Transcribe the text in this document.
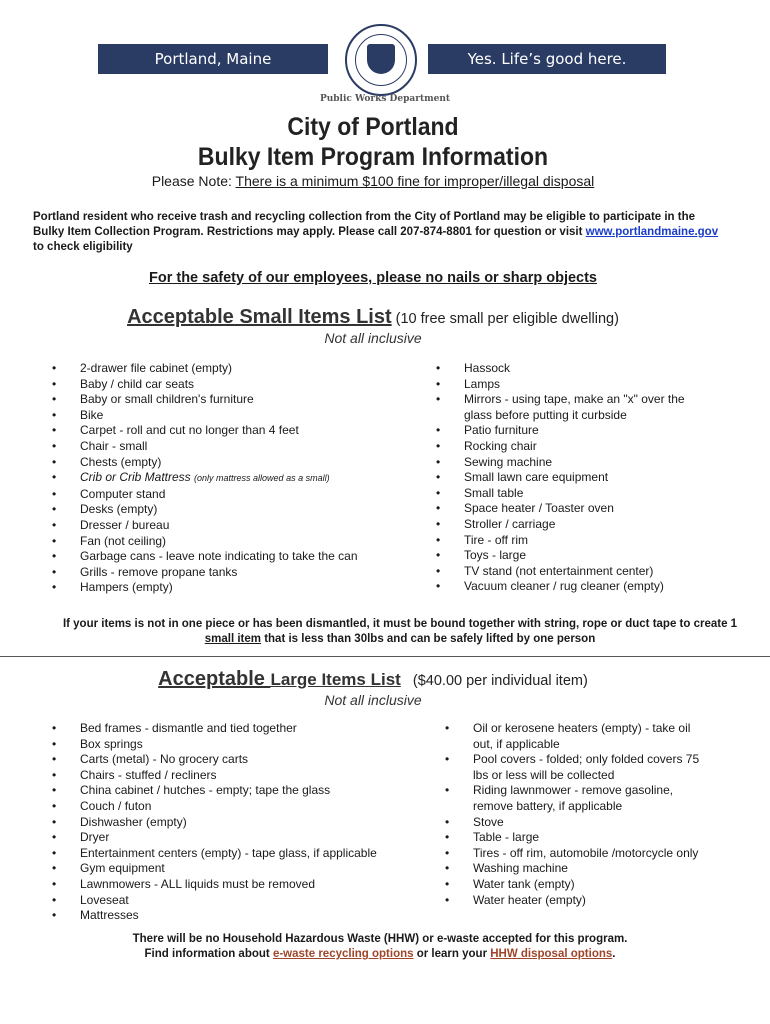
Portland, Maine	Yes. Life’s good here.
Public Works Department
City of Portland
Bulky Item Program Information
Please Note: There is a minimum $100 fine for improper/illegal disposal
Portland resident who receive trash and recycling collection from the City of Portland may be eligible to participate in the Bulky Item Collection Program. Restrictions may apply. Please call 207-874-8801 for question or visit www.portlandmaine.gov to check eligibility
For the safety of our employees, please no nails or sharp objects
Acceptable Small Items List (10 free small per eligible dwelling)
Not all inclusive
• 2-drawer file cabinet (empty)
• Baby / child car seats
• Baby or small children's furniture
• Bike
• Carpet - roll and cut no longer than 4 feet
• Chair - small
• Chests (empty)
• Crib or Crib Mattress (only mattress allowed as a small)
• Computer stand
• Desks (empty)
• Dresser / bureau
• Fan (not ceiling)
• Garbage cans - leave note indicating to take the can
• Grills - remove propane tanks
• Hampers (empty)
• Hassock
• Lamps
• Mirrors - using tape, make an "x" over the glass before putting it curbside
• Patio furniture
• Rocking chair
• Sewing machine
• Small lawn care equipment
• Small table
• Space heater / Toaster oven
• Stroller / carriage
• Tire - off rim
• Toys - large
• TV stand (not entertainment center)
• Vacuum cleaner / rug cleaner (empty)
If your items is not in one piece or has been dismantled, it must be bound together with string, rope or duct tape to create 1 small item that is less than 30lbs and can be safely lifted by one person
Acceptable Large Items List   ($40.00 per individual item)
Not all inclusive
• Bed frames - dismantle and tied together
• Box springs
• Carts (metal) - No grocery carts
• Chairs - stuffed / recliners
• China cabinet / hutches - empty; tape the glass
• Couch / futon
• Dishwasher (empty)
• Dryer
• Entertainment centers (empty) - tape glass, if applicable
• Gym equipment
• Lawnmowers - ALL liquids must be removed
• Loveseat
• Mattresses
• Oil or kerosene heaters (empty) - take oil out, if applicable
• Pool covers - folded; only folded covers 75 lbs or less will be collected
• Riding lawnmower - remove gasoline, remove battery, if applicable
• Stove
• Table - large
• Tires - off rim, automobile /motorcycle only
• Washing machine
• Water tank (empty)
• Water heater (empty)
There will be no Household Hazardous Waste (HHW) or e-waste accepted for this program.
Find information about e-waste recycling options or learn your HHW disposal options.
